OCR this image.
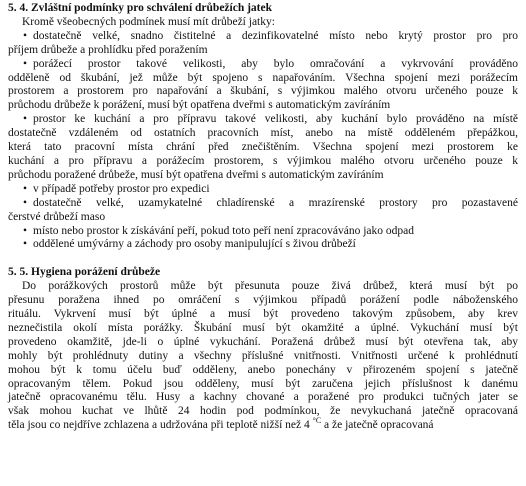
5. 4. Zvláštní podmínky pro schválení drůbežích jatek

Kromě všeobecných podmínek musí mít drůbeží jatky:

• dostatečně velké, snadno čistitelné a dezinfikovatelné místo nebo krytý prostor pro pro

příjem drůbeže a prohlídku před poražením

• porážecí prostor takové velikosti, aby bylo omračování a vykrvování prováděno

odděleně od škubání, jež může být spojeno s napařováním. Všechna spojení mezi porážecím

prostorem a prostorem pro napařování a škubání, s výjimkou malého otvoru určeného pouze k

průchodu drůbeže k porážení, musí být opatřena dveřmi s automatickým zavíráním

• prostor ke kuchání a pro přípravu takové velikosti, aby kuchání bylo prováděno na místě

dostatečně vzdáleném od ostatních pracovních míst, anebo na místě odděleném přepážkou,

která tato pracovní místa chrání před znečištěním. Všechna spojení mezi prostorem ke

kuchání a pro přípravu a porážecím prostorem, s výjimkou malého otvoru určeného pouze k

průchodu poražené drůbeže, musí být opatřena dveřmi s automatickým zavíráním

• v případě potřeby prostor pro expedici

• dostatečně velké, uzamykatelné chladírenské a mrazírenské prostory pro pozastavené

čerstvé drůbeží maso

• místo nebo prostor k získávání peří, pokud toto peří není zpracováváno jako odpad

• oddělené umývárny a záchody pro osoby manipulující s živou drůbeží

5. 5. Hygiena porážení drůbeže

Do porážkových prostorů může být přesunuta pouze živá drůbež, která musí být po

přesunu poražena ihned po omráčení s výjimkou případů porážení podle náboženského

rituálu. Vykrvení musí být úplné a musí být provedeno takovým způsobem, aby krev

neznečistila okolí místa porážky. Škubání musí být okamžité a úplné. Vykuchání musí být

provedeno okamžitě, jde-li o úplné vykuchání. Poražená drůbež musí být otevřena tak, aby

mohly být prohlédnuty dutiny a všechny příslušné vnitřnosti. Vnitřnosti určené k prohlédnutí

mohou být k tomu účelu buď odděleny, anebo ponechány v přirozeném spojení s jatečně

opracovaným tělem. Pokud jsou odděleny, musí být zaručena jejich příslušnost k danému

jatečně opracovanému tělu. Husy a kachny chované a poražené pro produkci tučných jater se

však mohou kuchat ve lhůtě 24 hodin pod podmínkou, že nevykuchaná jatečně opracovaná

těla jsou co nejdříve zchlazena a udržována při teplotě nižší než 4 $^{^\circ C}$ a že jatečně opracovaná
